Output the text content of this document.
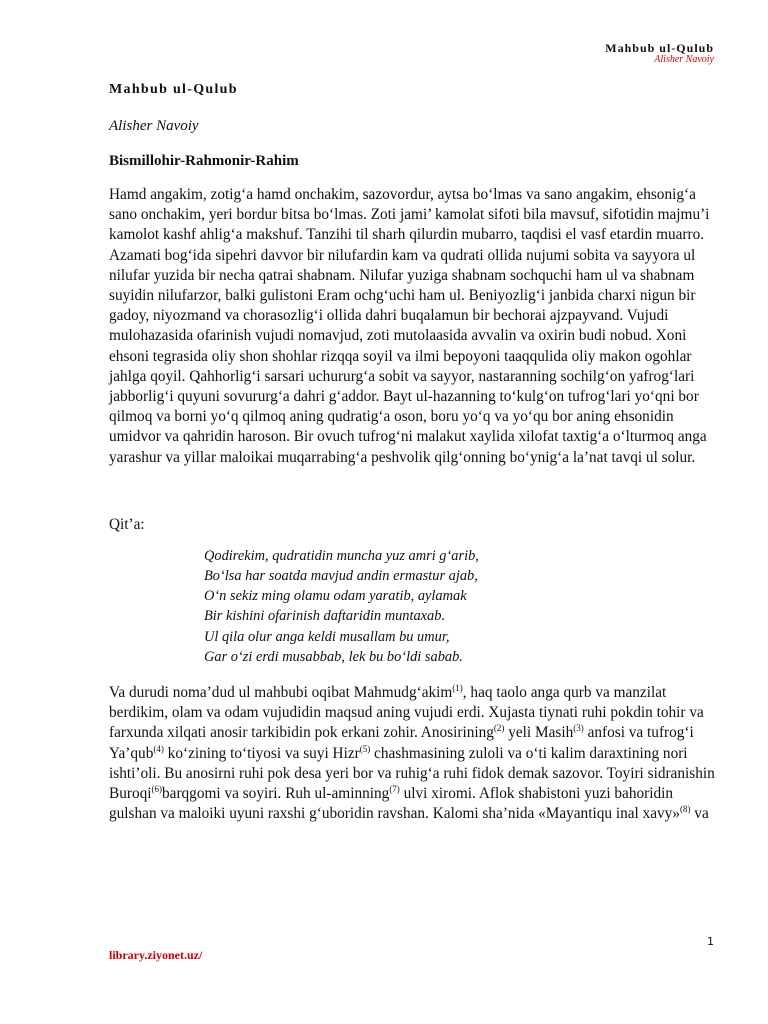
Mahbub ul-Qulub
Alisher Navoiy
Mahbub ul-Qulub
Alisher Navoiy
Bismillohir-Rahmonir-Rahim

Hamd angakim, zotig‘a hamd onchakim, sazovordur, aytsa bo‘lmas va sano angakim, ehsonig‘a sano onchakim, yeri bordur bitsa bo‘lmas. Zoti jami’ kamolat sifoti bila mavsuf, sifotidin majmu’i kamolot kashf ahlig‘a makshuf. Tanzihi til sharh qilurdin mubarro, taqdisi el vasf etardin muarro. Azamati bog‘ida sipehri davvor bir nilufardin kam va qudrati ollida nujumi sobita va sayyora ul nilufar yuzida bir necha qatrai shabnam. Nilufar yuziga shabnam sochquchi ham ul va shabnam suyidin nilufarzor, balki gulistoni Eram ochg‘uchi ham ul. Beniyozlig‘i janbida charxi nigun bir gadoy, niyozmand va chorasozlig‘i ollida dahri buqalamun bir bechorai ajzpayvand. Vujudi mulohazasida ofarinish vujudi nomavjud, zoti mutolaasida avvalin va oxirin budi nobud. Xoni ehsoni tegrasida oliy shon shohlar rizqqa soyil va ilmi bepoyoni taaqqulida oliy makon ogohlar jahlga qoyil. Qahhorlig‘i sarsari uchururg‘a sobit va sayyor, nastaranning sochilg‘on yafrog‘lari jabborlig‘i quyuni sovururg‘a dahri g‘addor. Bayt ul-hazanning to‘kulg‘on tufrog‘lari yo‘qni bor qilmoq va borni yo‘q qilmoq aning qudratig‘a oson, boru yo‘q va yo‘qu bor aning ehsonidin umidvor va qahridin haroson. Bir ovuch tufrog‘ni malakut xaylida xilofat taxtig‘a o‘lturmoq anga yarashur va yillar maloikai muqarrabing‘a peshvolik qilg‘onning bo‘ynig‘a la’nat tavqi ul solur.

Qit’a:
Qodirekim, qudratidin muncha yuz amri g‘arib,
Bo‘lsa har soatda mavjud andin ermastur ajab,
O‘n sekiz ming olamu odam yaratib, aylamak
Bir kishini ofarinish daftaridin muntaxab.
Ul qila olur anga keldi musallam bu umur,
Gar o‘zi erdi musabbab, lek bu bo‘ldi sabab.

Va durudi noma’dud ul mahbubi oqibat Mahmudg‘akim$^{(1)}$, haq taolo anga qurb va manzilat berdikim, olam va odam vujudidin maqsud aning vujudi erdi. Xujasta tiynati ruhi pokdin tohir va farxunda xilqati anosir tarkibidin pok erkani zohir. Anosirining$^{(2)}$ yeli Masih$^{(3)}$ anfosi va tufrog‘i Ya’qub$^{(4)}$ ko‘zining to‘tiyosi va suyi Hizr$^{(5)}$ chashmasining zuloli va o‘ti kalim daraxtining nori ishti’oli. Bu anosirni ruhi pok desa yeri bor va ruhig‘a ruhi fidok demak sazovor. Toyiri sidranishin Buroqi$^{(6)}$barqgomi va soyiri. Ruh ul-aminning$^{(7)}$ ulvi xiromi. Aflok shabistoni yuzi bahoridin gulshan va maloiki uyuni raxshi g‘uboridin ravshan. Kalomi sha’nida «Mayantiqu inal xavy»$^{(8)}$ va

1
library.ziyonet.uz/
